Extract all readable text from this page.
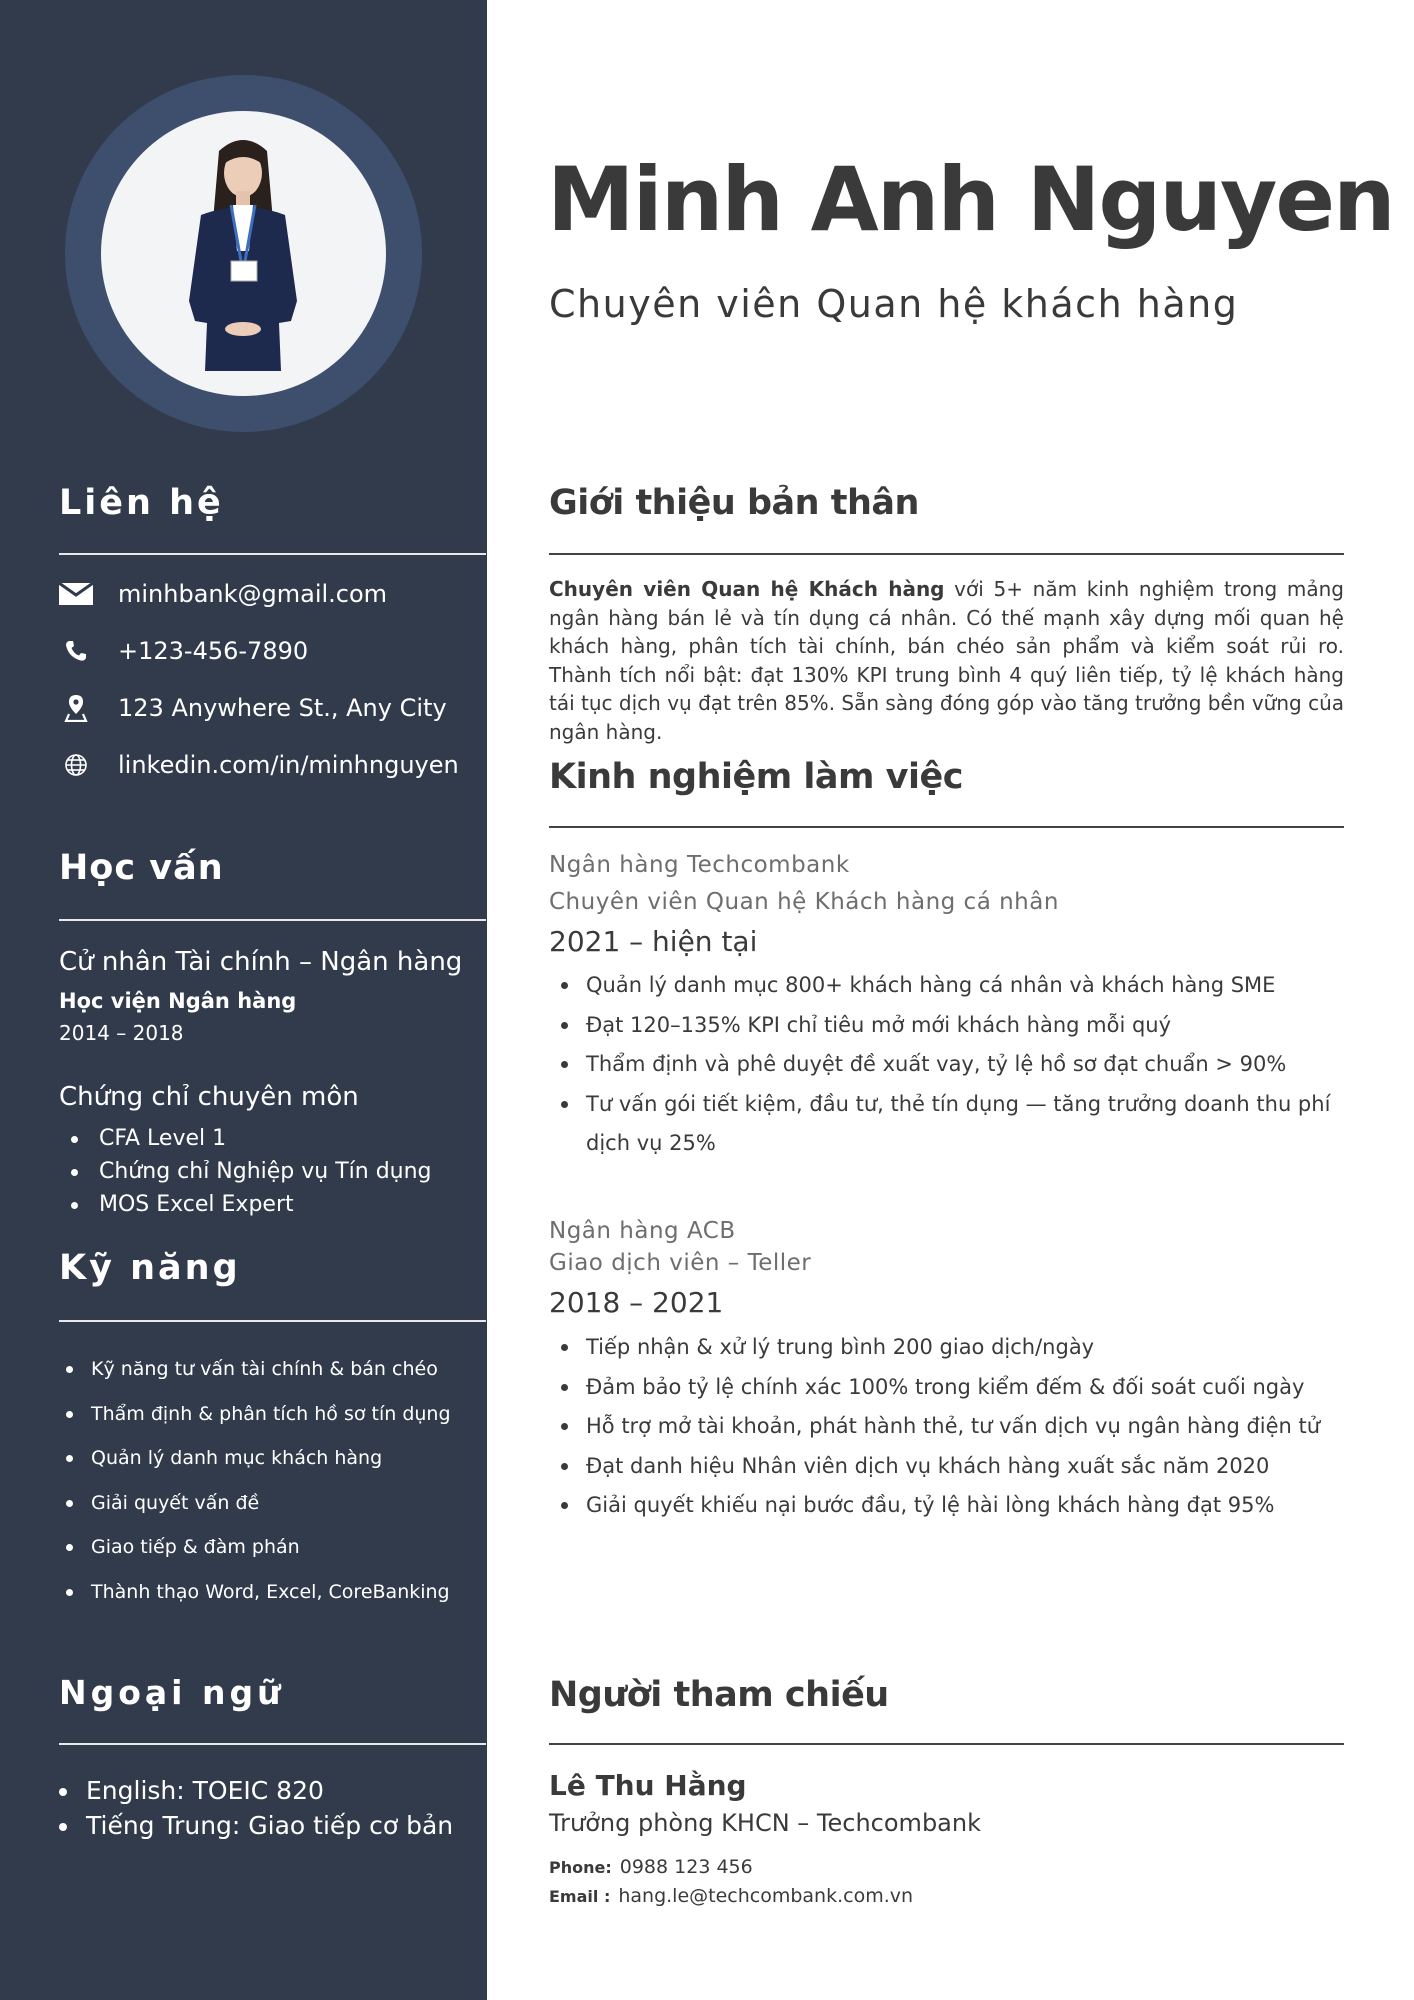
Liên hệ
minhbank@gmail.com
+123-456-7890
123 Anywhere St., Any City
linkedin.com/in/minhnguyen
Học vấn
Cử nhân Tài chính – Ngân hàng
Học viện Ngân hàng
2014 – 2018
Chứng chỉ chuyên môn
CFA Level 1
Chứng chỉ Nghiệp vụ Tín dụng
MOS Excel Expert
Kỹ năng
Kỹ năng tư vấn tài chính & bán chéo
Thẩm định & phân tích hồ sơ tín dụng
Quản lý danh mục khách hàng
Giải quyết vấn đề
Giao tiếp & đàm phán
Thành thạo Word, Excel, CoreBanking
Ngoại ngữ
English: TOEIC 820
Tiếng Trung: Giao tiếp cơ bản
Minh Anh Nguyen
Chuyên viên Quan hệ khách hàng
Giới thiệu bản thân

Chuyên viên Quan hệ Khách hàng với 5+ năm kinh nghiệm trong mảng ngân hàng bán lẻ và tín dụng cá nhân. Có thế mạnh xây dựng mối quan hệ khách hàng, phân tích tài chính, bán chéo sản phẩm và kiểm soát rủi ro. Thành tích nổi bật: đạt 130% KPI trung bình 4 quý liên tiếp, tỷ lệ khách hàng tái tục dịch vụ đạt trên 85%. Sẵn sàng đóng góp vào tăng trưởng bền vững của ngân hàng.

Kinh nghiệm làm việc
Ngân hàng Techcombank
Chuyên viên Quan hệ Khách hàng cá nhân
2021 – hiện tại
Quản lý danh mục 800+ khách hàng cá nhân và khách hàng SME
Đạt 120–135% KPI chỉ tiêu mở mới khách hàng mỗi quý
Thẩm định và phê duyệt đề xuất vay, tỷ lệ hồ sơ đạt chuẩn > 90%
Tư vấn gói tiết kiệm, đầu tư, thẻ tín dụng — tăng trưởng doanh thu phí dịch vụ 25%
Ngân hàng ACB
Giao dịch viên – Teller
2018 – 2021
Tiếp nhận & xử lý trung bình 200 giao dịch/ngày
Đảm bảo tỷ lệ chính xác 100% trong kiểm đếm & đối soát cuối ngày
Hỗ trợ mở tài khoản, phát hành thẻ, tư vấn dịch vụ ngân hàng điện tử
Đạt danh hiệu Nhân viên dịch vụ khách hàng xuất sắc năm 2020
Giải quyết khiếu nại bước đầu, tỷ lệ hài lòng khách hàng đạt 95%
Người tham chiếu
Lê Thu Hằng
Trưởng phòng KHCN – Techcombank
Phone: 0988 123 456
Email : hang.le@techcombank.com.vn
